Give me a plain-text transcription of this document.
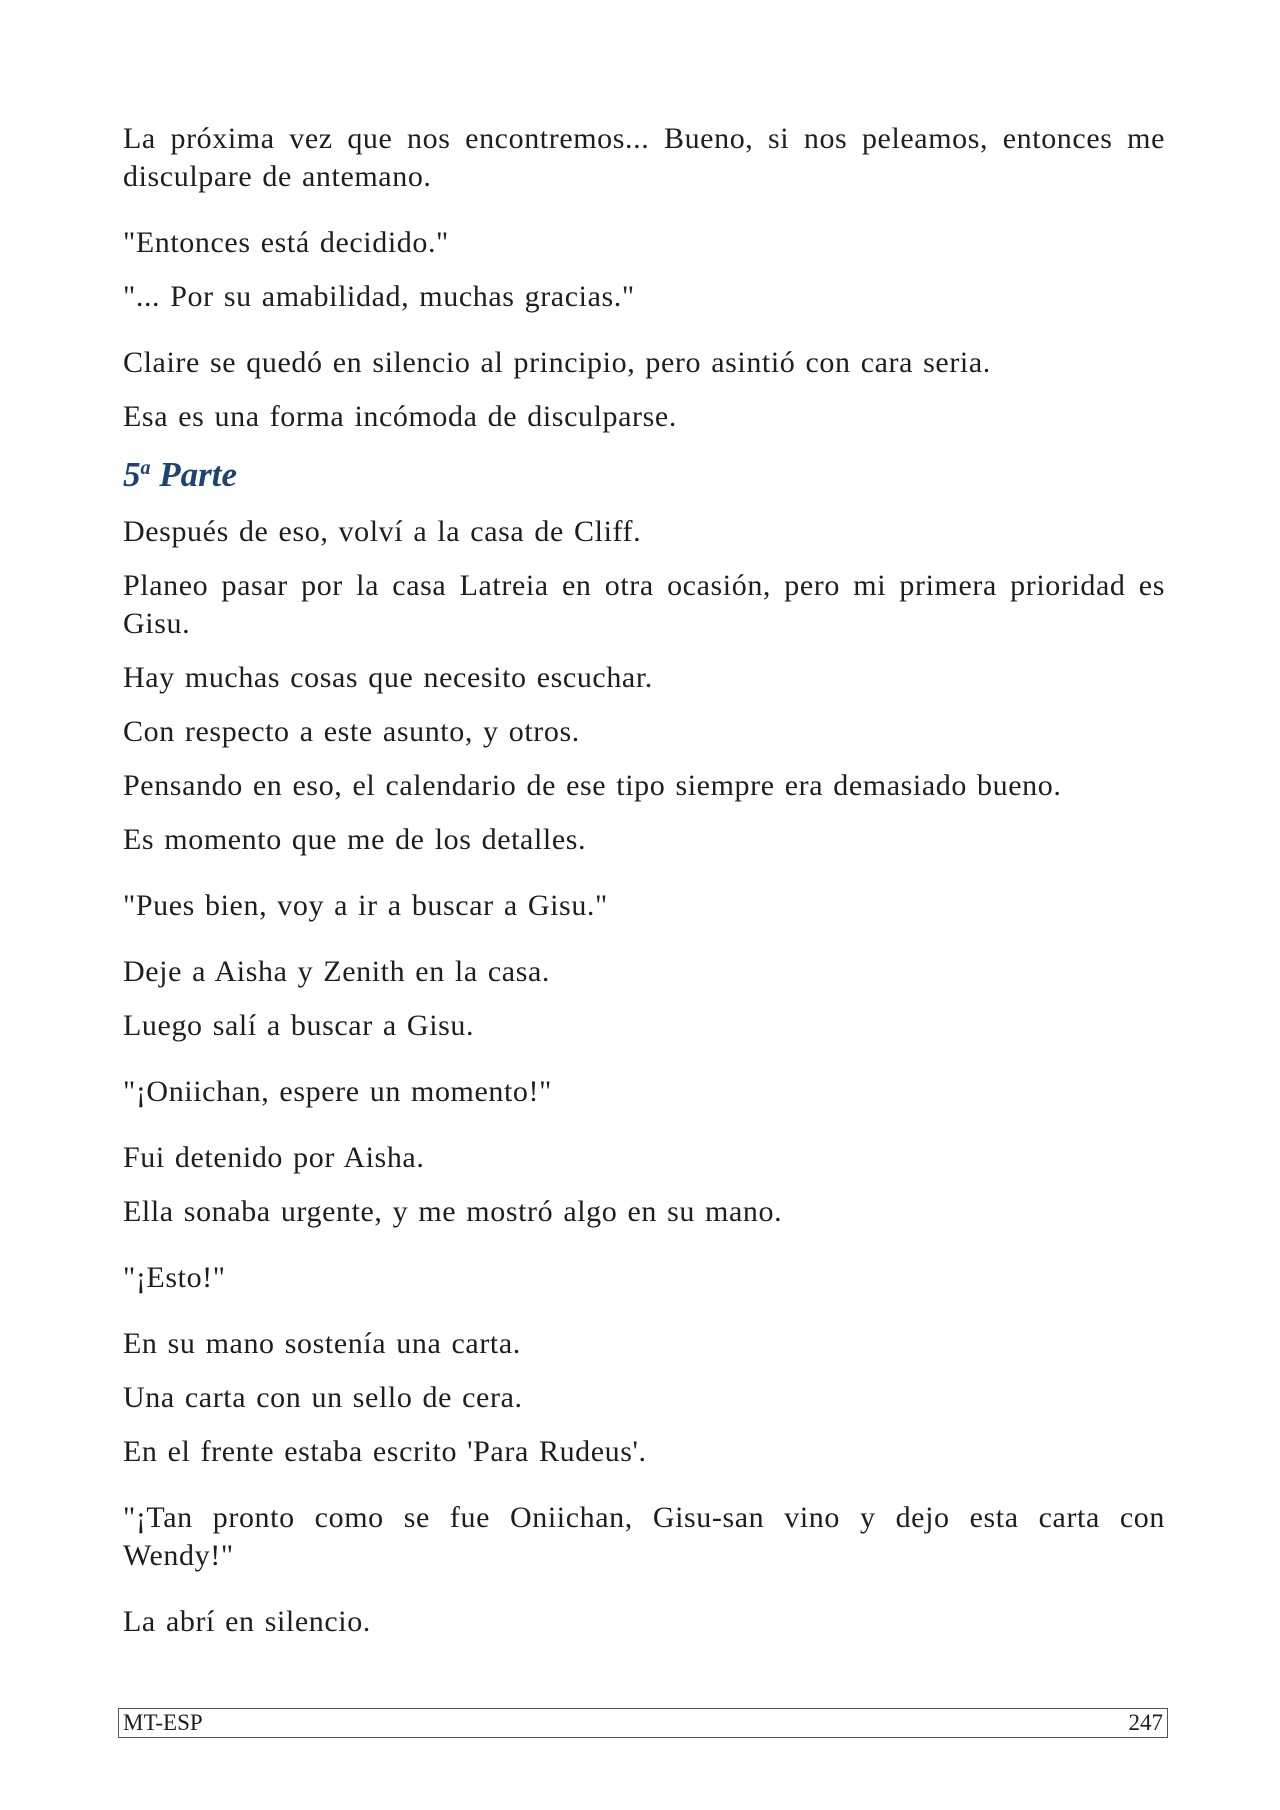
La próxima vez que nos encontremos... Bueno, si nos peleamos, entonces me disculpare de antemano.

"Entonces está decidido."

"... Por su amabilidad, muchas gracias."

Claire se quedó en silencio al principio, pero asintió con cara seria.

Esa es una forma incómoda de disculparse.

5$^a$ Parte

Después de eso, volví a la casa de Cliff.

Planeo pasar por la casa Latreia en otra ocasión, pero mi primera prioridad es Gisu.

Hay muchas cosas que necesito escuchar.

Con respecto a este asunto, y otros.

Pensando en eso, el calendario de ese tipo siempre era demasiado bueno.

Es momento que me de los detalles.

"Pues bien, voy a ir a buscar a Gisu."

Deje a Aisha y Zenith en la casa.

Luego salí a buscar a Gisu.

"¡Oniichan, espere un momento!"

Fui detenido por Aisha.

Ella sonaba urgente, y me mostró algo en su mano.

"¡Esto!"

En su mano sostenía una carta.

Una carta con un sello de cera.

En el frente estaba escrito 'Para Rudeus'.

"¡Tan pronto como se fue Oniichan, Gisu-san vino y dejo esta carta con Wendy!"

La abrí en silencio.

MT-ESP	247
